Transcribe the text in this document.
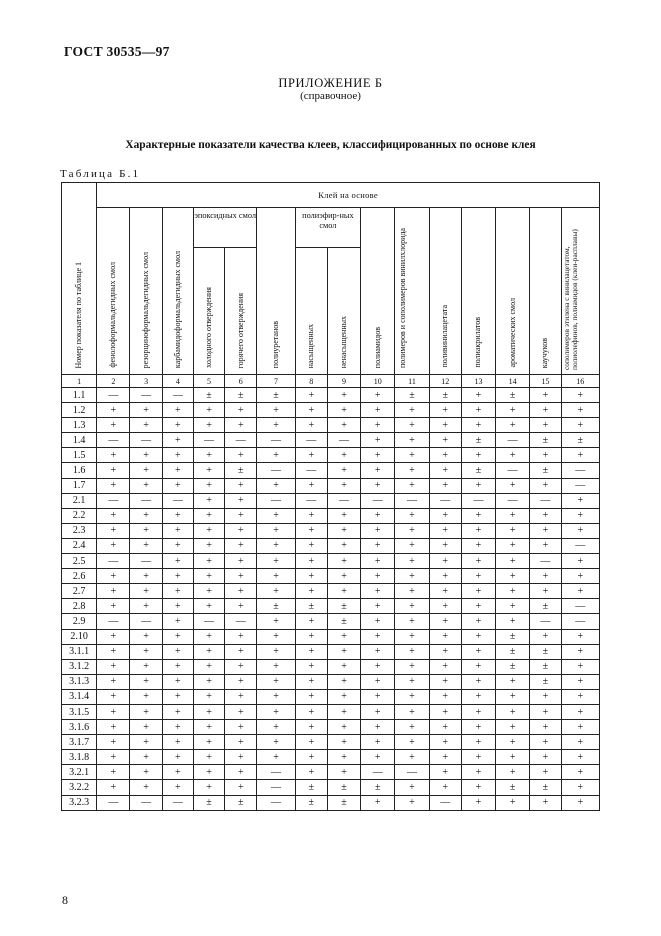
ГОСТ 30535—97
ПРИЛОЖЕНИЕ Б
(справочное)
Характерные показатели качества клеев, классифицированных по основе клея
Таблица Б.1
Номер показателя по таблице 1	Клей на основе														

	фенолоформальдегидных смол	резорциноформальдегидных смол	карбамидоформальдегидных смол	эпоксидных смол		полиуретанов	полиэфир-ных смол		полиамидов	полимеров и сополимеров винилхлорида	поливинилацетата	полиакрилатов	ароматических смол	каучуков	сополимеров этилена с винилацетатом, полиолефинов, полиамидов (клеи-расплавы)

				холодного отверждения	горячего отверждения		насыщенных	ненасыщенных							

1	2	3	4	5	6	7	8	9	10	11	12	13	14	15	16
1.1	—	—	—	±	±	±	+	+	+	±	±	+	±	+	+
1.2	+	+	+	+	+	+	+	+	+	+	+	+	+	+	+
1.3	+	+	+	+	+	+	+	+	+	+	+	+	+	+	+
1.4	—	—	+	—	—	—	—	—	+	+	+	±	—	±	±
1.5	+	+	+	+	+	+	+	+	+	+	+	+	+	+	+
1.6	+	+	+	+	±	—	—	+	+	+	+	±	—	±	—
1.7	+	+	+	+	+	+	+	+	+	+	+	+	+	+	—
2.1	—	—	—	+	+	—	—	—	—	—	—	—	—	—	+
2.2	+	+	+	+	+	+	+	+	+	+	+	+	+	+	+
2.3	+	+	+	+	+	+	+	+	+	+	+	+	+	+	+
2.4	+	+	+	+	+	+	+	+	+	+	+	+	+	+	—
2.5	—	—	+	+	+	+	+	+	+	+	+	+	+	—	+
2.6	+	+	+	+	+	+	+	+	+	+	+	+	+	+	+
2.7	+	+	+	+	+	+	+	+	+	+	+	+	+	+	+
2.8	+	+	+	+	+	±	±	±	+	+	+	+	+	±	—
2.9	—	—	+	—	—	+	+	±	+	+	+	+	+	—	—
2.10	+	+	+	+	+	+	+	+	+	+	+	+	±	+	+
3.1.1	+	+	+	+	+	+	+	+	+	+	+	+	±	±	+
3.1.2	+	+	+	+	+	+	+	+	+	+	+	+	±	±	+
3.1.3	+	+	+	+	+	+	+	+	+	+	+	+	+	±	+
3.1.4	+	+	+	+	+	+	+	+	+	+	+	+	+	+	+
3.1.5	+	+	+	+	+	+	+	+	+	+	+	+	+	+	+
3.1.6	+	+	+	+	+	+	+	+	+	+	+	+	+	+	+
3.1.7	+	+	+	+	+	+	+	+	+	+	+	+	+	+	+
3.1.8	+	+	+	+	+	+	+	+	+	+	+	+	+	+	+
3.2.1	+	+	+	+	+	—	+	+	—	—	+	+	+	+	+
3.2.2	+	+	+	+	+	—	±	±	±	+	+	+	±	±	+
3.2.3	—	—	—	±	±	—	±	±	+	+	—	+	+	+	+
8
